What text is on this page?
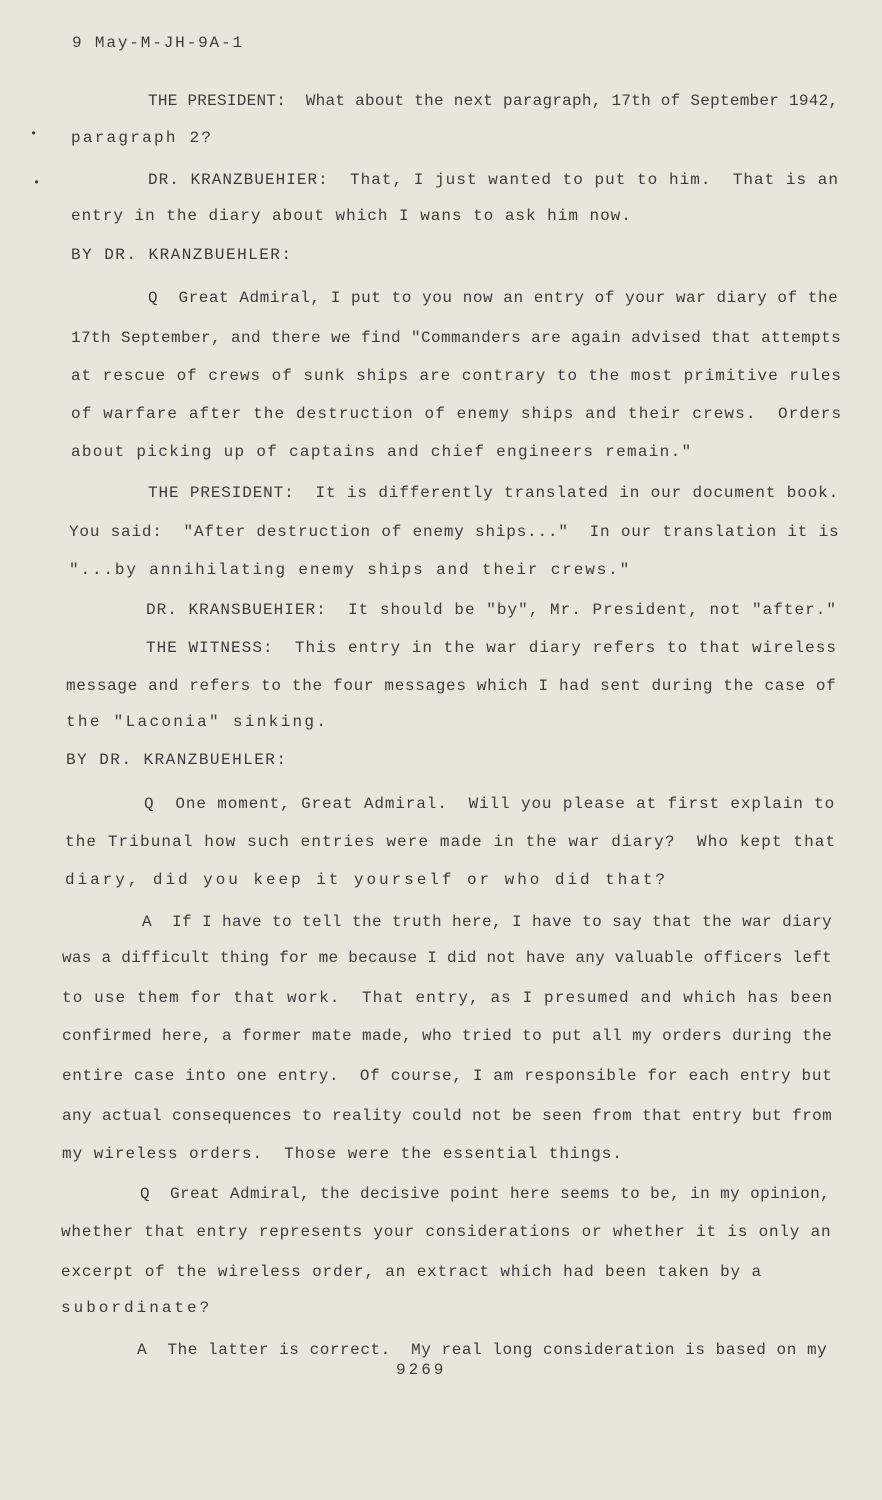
9 May-M-JH-9A-1
•
•
THE PRESIDENT:  What about the next paragraph, 17th of September 1942,
paragraph 2?
DR. KRANZBUEHIER:  That, I just wanted to put to him.  That is an
entry in the diary about which I wans to ask him now.
BY DR. KRANZBUEHLER:
Q  Great Admiral, I put to you now an entry of your war diary of the
17th September, and there we find "Commanders are again advised that attempts
at rescue of crews of sunk ships are contrary to the most primitive rules
of warfare after the destruction of enemy ships and their crews.  Orders
about picking up of captains and chief engineers remain."
THE PRESIDENT:  It is differently translated in our document book.
You said:  "After destruction of enemy ships..."  In our translation it is
"...by annihilating enemy ships and their crews."
DR. KRANSBUEHIER:  It should be "by", Mr. President, not "after."
THE WITNESS:  This entry in the war diary refers to that wireless
message and refers to the four messages which I had sent during the case of
the "Laconia" sinking.
BY DR. KRANZBUEHLER:
Q  One moment, Great Admiral.  Will you please at first explain to
the Tribunal how such entries were made in the war diary?  Who kept that
diary, did you keep it yourself or who did that?
A  If I have to tell the truth here, I have to say that the war diary
was a difficult thing for me because I did not have any valuable officers left
to use them for that work.  That entry, as I presumed and which has been
confirmed here, a former mate made, who tried to put all my orders during the
entire case into one entry.  Of course, I am responsible for each entry but
any actual consequences to reality could not be seen from that entry but from
my wireless orders.  Those were the essential things.
Q  Great Admiral, the decisive point here seems to be, in my opinion,
whether that entry represents your considerations or whether it is only an
excerpt of the wireless order, an extract which had been taken by a
subordinate?
A  The latter is correct.  My real long consideration is based on my
9269
